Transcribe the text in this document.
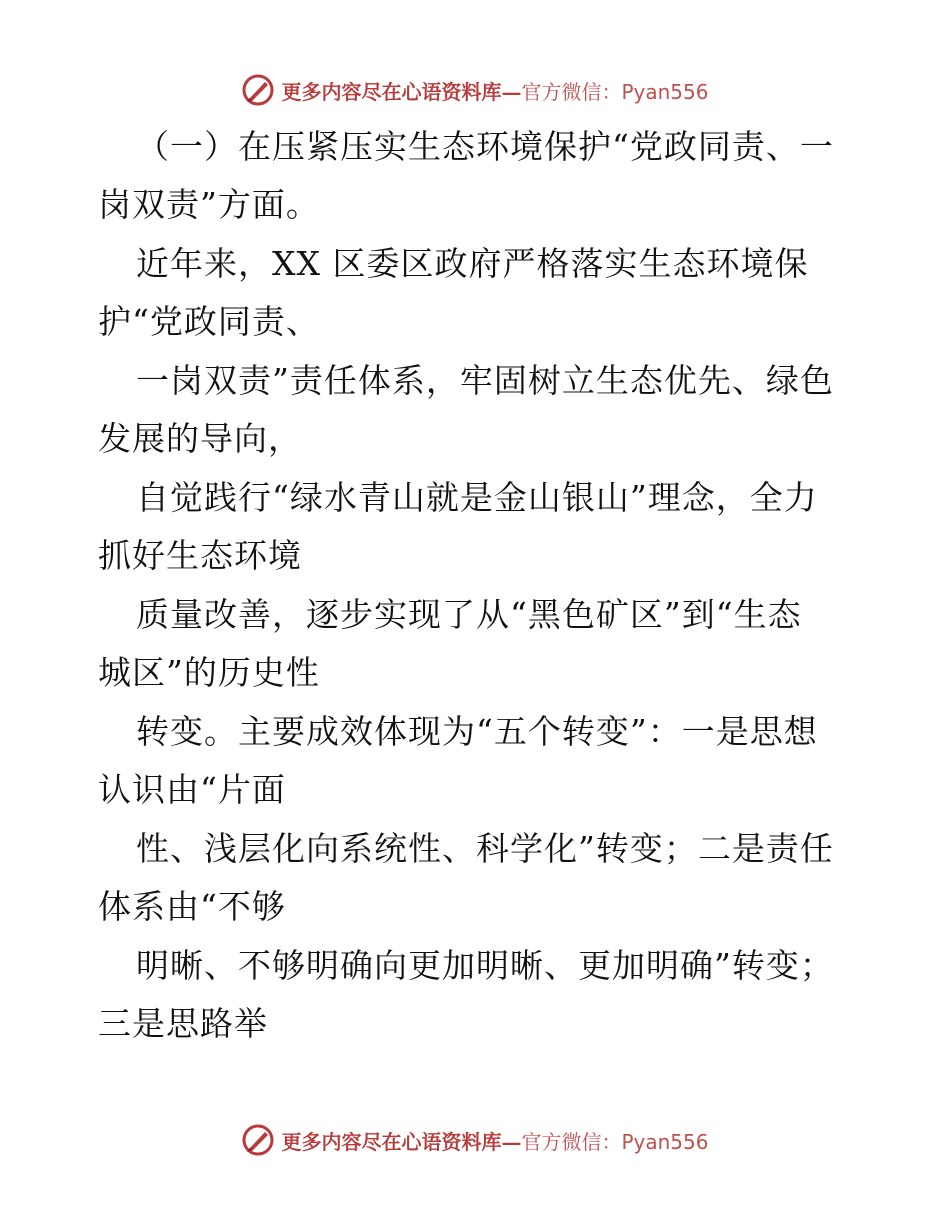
更多内容尽在心语资料库—官方微信：Pyan556
（一）在压紧压实生态环境保护“党政同责、一
岗双责”方面。
近年来，XX 区委区政府严格落实生态环境保
护“党政同责、
一岗双责”责任体系，牢固树立生态优先、绿色
发展的导向，
自觉践行“绿水青山就是金山银山”理念，全力
抓好生态环境
质量改善，逐步实现了从“黑色矿区”到“生态
城区”的历史性
转变。主要成效体现为“五个转变”：一是思想
认识由“片面
性、浅层化向系统性、科学化”转变；二是责任
体系由“不够
明晰、不够明确向更加明晰、更加明确”转变；
三是思路举
更多内容尽在心语资料库—官方微信：Pyan556
